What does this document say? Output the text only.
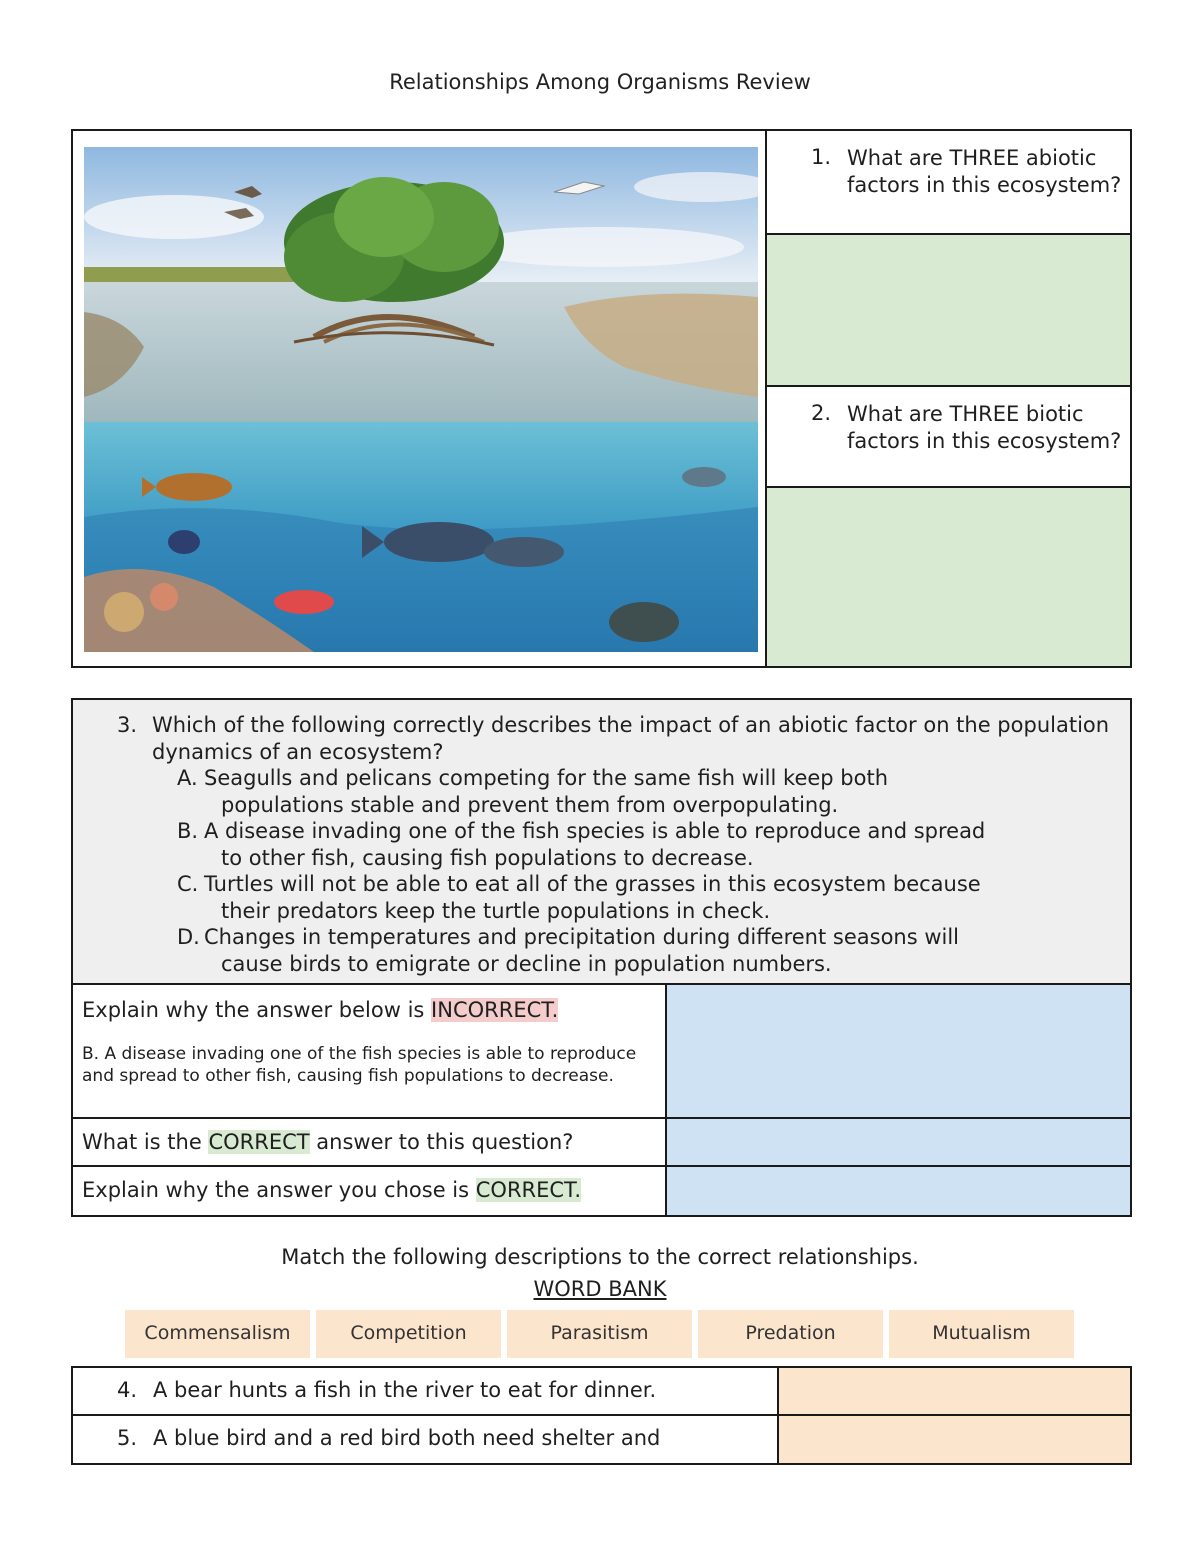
Relationships Among Organisms Review
1. What are THREE abiotic factors in this ecosystem?
2. What are THREE biotic factors in this ecosystem?
3. Which of the following correctly describes the impact of an abiotic factor on the population dynamics of an ecosystem?
A. Seagulls and pelicans competing for the same fish will keep both
populations stable and prevent them from overpopulating.
B. A disease invading one of the fish species is able to reproduce and spread
to other fish, causing fish populations to decrease.
C. Turtles will not be able to eat all of the grasses in this ecosystem because
their predators keep the turtle populations in check.
D. Changes in temperatures and precipitation during different seasons will
cause birds to emigrate or decline in population numbers.
Explain why the answer below is INCORRECT.
B. A disease invading one of the fish species is able to reproduce and spread to other fish, causing fish populations to decrease.
What is the CORRECT answer to this question?
Explain why the answer you chose is CORRECT.
Match the following descriptions to the correct relationships.
WORD BANK
Commensalism	Competition	Parasitism	Predation	Mutualism
4. A bear hunts a fish in the river to eat for dinner.
5. A blue bird and a red bird both need shelter and
